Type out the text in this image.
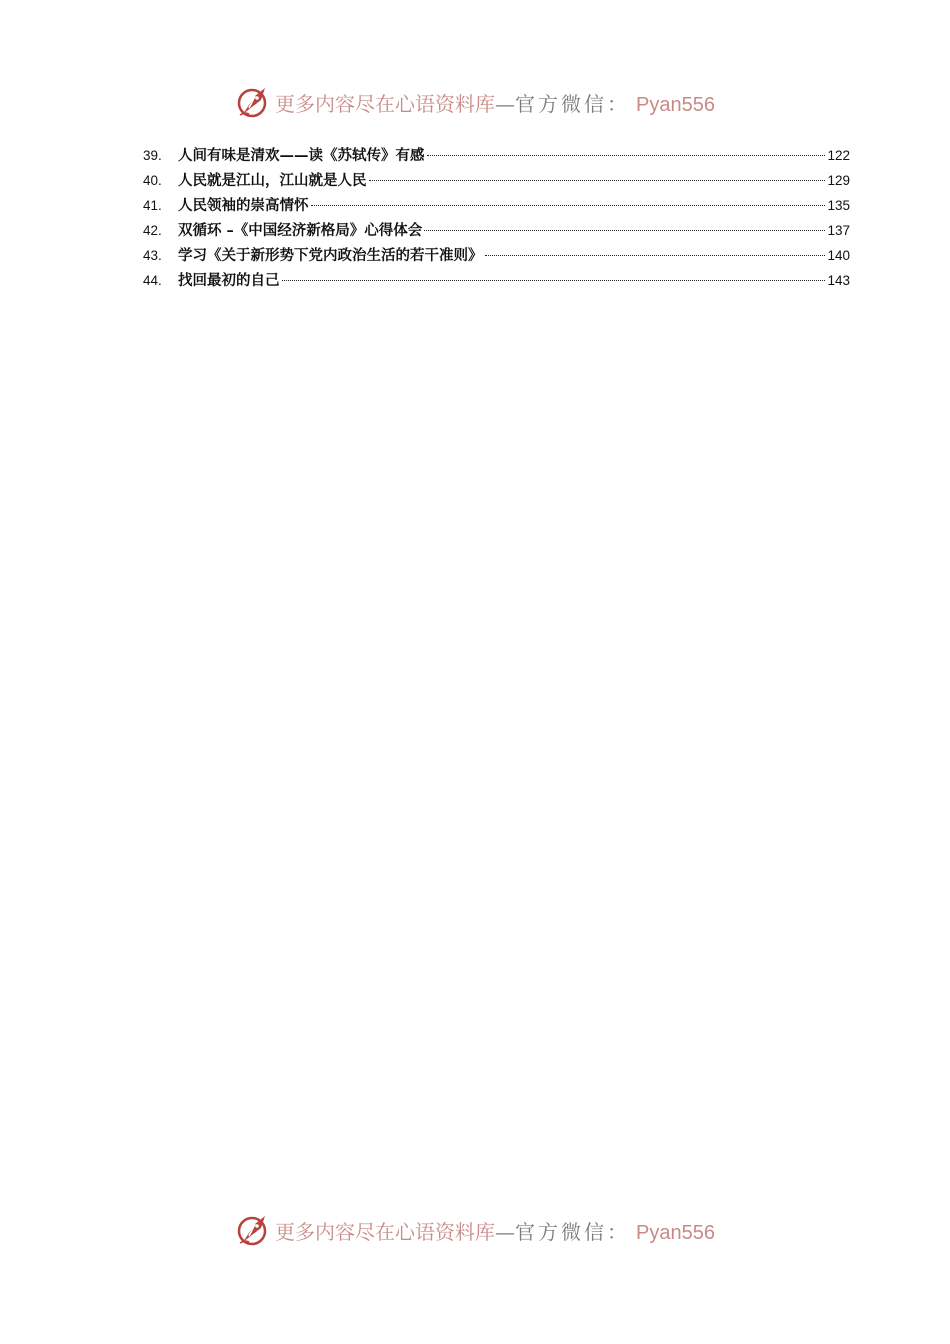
更多内容尽在心语资料库 — 官方微信： Pyan556
39.	人间有味是清欢——读《苏轼传》有感	122
40.	人民就是江山，江山就是人民	129
41.	人民领袖的崇高情怀	135
42.	双循环 –《中国经济新格局》心得体会	137
43.	学习《关于新形势下党内政治生活的若干准则》	140
44.	找回最初的自己	143
更多内容尽在心语资料库 — 官方微信： Pyan556
